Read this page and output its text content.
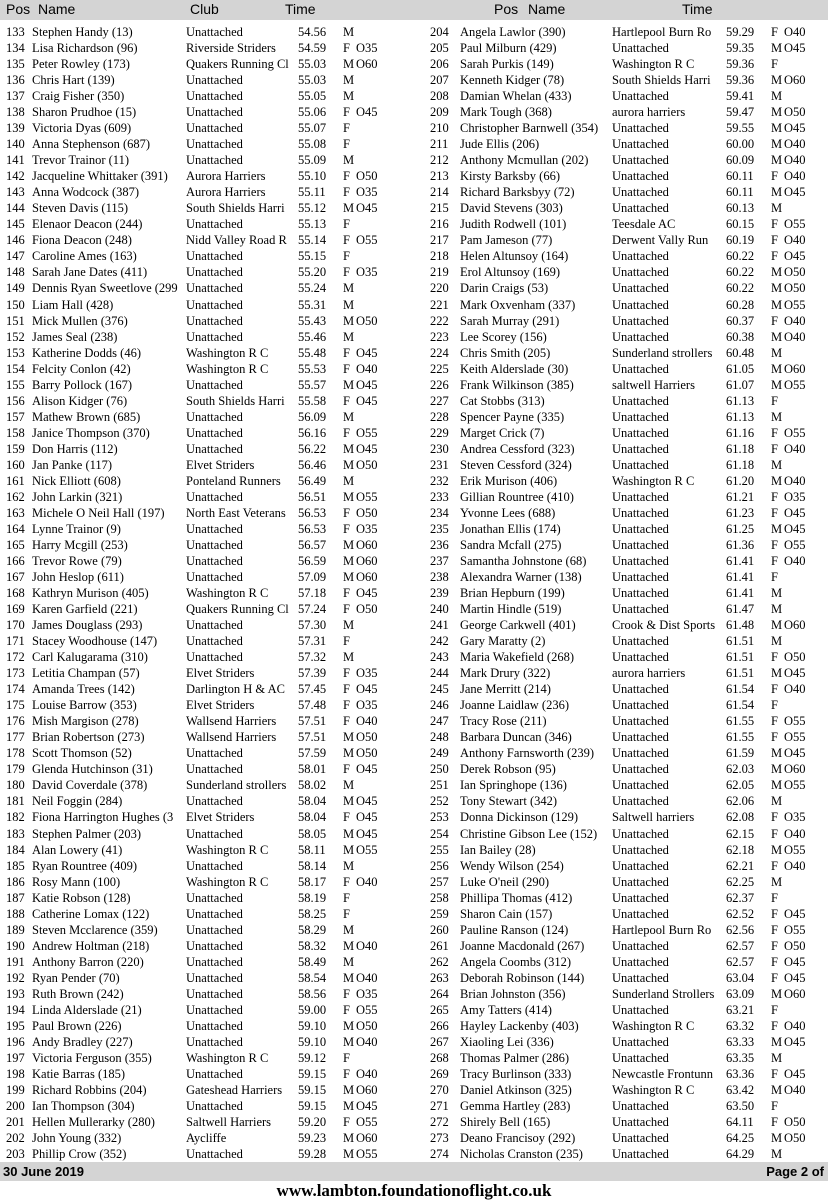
Pos Name	Club	Time	Pos Name	Time
133 Stephen Handy (13)	Unattached	54.56	M
134 Lisa Richardson (96)	Riverside Striders	54.59	F O35
135 Peter Rowley (173)	Quakers Running Cl 55.03	M O60
136 Chris Hart (139)	Unattached	55.03	M
137 Craig Fisher (350)	Unattached	55.05	M
138 Sharon Prudhoe (15)	Unattached	55.06	F O45
139 Victoria Dyas (609)	Unattached	55.07	F
140 Anna Stephenson (687)	Unattached	55.08	F
141 Trevor Trainor (11)	Unattached	55.09	M
142 Jacqueline Whittaker (391)	Aurora Harriers	55.10	F O50
143 Anna Wodcock (387)	Aurora Harriers	55.11	F O35
144 Steven Davis (115)	South Shields Harri	55.12	M O45
145 Elenaor Deacon (244)	Unattached	55.13	F
146 Fiona Deacon (248)	Nidd Valley Road R 55.14	F O55
147 Caroline Ames (163)	Unattached	55.15	F
148 Sarah Jane Dates (411)	Unattached	55.20	F O35
149 Dennis Ryan Sweetlove (299 Unattached	55.24	M
150 Liam Hall (428)	Unattached	55.31	M
151 Mick Mullen (376)	Unattached	55.43	M O50
152 James Seal (238)	Unattached	55.46	M
153 Katherine Dodds (46)	Washington R C	55.48	F O45
154 Felcity Conlon (42)	Washington R C	55.53	F O40
155 Barry Pollock (167)	Unattached	55.57	M O45
156 Alison Kidger (76)	South Shields Harri	55.58	F O45
157 Mathew Brown (685)	Unattached	56.09	M
158 Janice Thompson (370)	Unattached	56.16	F O55
159 Don Harris (112)	Unattached	56.22	M O45
160 Jan Panke (117)	Elvet Striders	56.46	M O50
161 Nick Elliott (608)	Ponteland Runners	56.49	M
162 John Larkin (321)	Unattached	56.51	M O55
163 Michele O Neil Hall (197)	North East Veterans 56.53	F O50
164 Lynne Trainor (9)	Unattached	56.53	F O35
165 Harry Mcgill (253)	Unattached	56.57	M O60
166 Trevor Rowe (79)	Unattached	56.59	M O60
167 John Heslop (611)	Unattached	57.09	M O60
168 Kathryn Murison (405)	Washington R C	57.18	F O45
169 Karen Garfield (221)	Quakers Running Cl 57.24	F O50
170 James Douglass (293)	Unattached	57.30	M
171 Stacey Woodhouse (147)	Unattached	57.31	F
172 Carl Kalugarama (310)	Unattached	57.32	M
173 Letitia Champan (57)	Elvet Striders	57.39	F O35
174 Amanda Trees (142)	Darlington H & AC	57.45	F O45
175 Louise Barrow (353)	Elvet Striders	57.48	F O35
176 Mish Margison (278)	Wallsend Harriers	57.51	F O40
177 Brian Robertson (273)	Wallsend Harriers	57.51	M O50
178 Scott Thomson (52)	Unattached	57.59	M O50
179 Glenda Hutchinson (31)	Unattached	58.01	F O45
180 David Coverdale (378)	Sunderland strollers 58.02	M
181 Neil Foggin (284)	Unattached	58.04	M O45
182 Fiona Harrington Hughes (3	Elvet Striders	58.04	F O45
183 Stephen Palmer (203)	Unattached	58.05	M O45
184 Alan Lowery (41)	Washington R C	58.11	M O55
185 Ryan Rountree (409)	Unattached	58.14	M
186 Rosy Mann (100)	Washington R C	58.17	F O40
187 Katie Robson (128)	Unattached	58.19	F
188 Catherine Lomax (122)	Unattached	58.25	F
189 Steven Mcclarence (359)	Unattached	58.29	M
190 Andrew Holtman (218)	Unattached	58.32	M O40
191 Anthony Barron (220)	Unattached	58.49	M
192 Ryan Pender (70)	Unattached	58.54	M O40
193 Ruth Brown (242)	Unattached	58.56	F O35
194 Linda Alderslade (21)	Unattached	59.00	F O55
195 Paul Brown (226)	Unattached	59.10	M O50
196 Andy Bradley (227)	Unattached	59.10	M O40
197 Victoria Ferguson (355)	Washington R C	59.12	F
198 Katie Barras (185)	Unattached	59.15	F O40
199 Richard Robbins (204)	Gateshead Harriers	59.15	M O60
200 Ian Thompson (304)	Unattached	59.15	M O45
201 Hellen Mullerarky (280)	Saltwell Harriers	59.20	F O55
202 John Young (332)	Aycliffe	59.23	M O60
203 Phillip Crow (352)	Unattached	59.28	M O55
204 Angela Lawlor (390)	Hartlepool Burn Ro	59.29	F O40
205 Paul Milburn (429)	Unattached	59.35	M O45
206 Sarah Purkis (149)	Washington R C	59.36	F
207 Kenneth Kidger (78)	South Shields Harri	59.36	M O60
208 Damian Whelan (433)	Unattached	59.41	M
209 Mark Tough (368)	aurora harriers	59.47	M O50
210 Christopher Barnwell (354)	Unattached	59.55	M O45
211 Jude Ellis (206)	Unattached	60.00	M O40
212 Anthony Mcmullan (202)	Unattached	60.09	M O40
213 Kirsty Barksby (66)	Unattached	60.11	F O40
214 Richard Barksbyy (72)	Unattached	60.11	M O45
215 David Stevens (303)	Unattached	60.13	M
216 Judith Rodwell (101)	Teesdale AC	60.15	F O55
217 Pam Jameson (77)	Derwent Vally Run	60.19	F O40
218 Helen Altunsoy (164)	Unattached	60.22	F O45
219 Erol Altunsoy (169)	Unattached	60.22	M O50
220 Darin Craigs (53)	Unattached	60.22	M O50
221 Mark Oxvenham (337)	Unattached	60.28	M O55
222 Sarah Murray (291)	Unattached	60.37	F O40
223 Lee Scorey (156)	Unattached	60.38	M O40
224 Chris Smith (205)	Sunderland strollers	60.48	M
225 Keith Alderslade (30)	Unattached	61.05	M O60
226 Frank Wilkinson (385)	saltwell Harriers	61.07	M O55
227 Cat Stobbs (313)	Unattached	61.13	F
228 Spencer Payne (335)	Unattached	61.13	M
229 Marget Crick (7)	Unattached	61.16	F O55
230 Andrea Cessford (323)	Unattached	61.18	F O40
231 Steven Cessford (324)	Unattached	61.18	M
232 Erik Murison (406)	Washington R C	61.20	M O40
233 Gillian Rountree (410)	Unattached	61.21	F O35
234 Yvonne Lees (688)	Unattached	61.23	F O45
235 Jonathan Ellis (174)	Unattached	61.25	M O45
236 Sandra Mcfall (275)	Unattached	61.36	F O55
237 Samantha Johnstone (68)	Unattached	61.41	F O40
238 Alexandra Warner (138)	Unattached	61.41	F
239 Brian Hepburn (199)	Unattached	61.41	M
240 Martin Hindle (519)	Unattached	61.47	M
241 George Carkwell (401)	Crook & Dist Sports 61.48	M O60
242 Gary Maratty (2)	Unattached	61.51	M
243 Maria Wakefield (268)	Unattached	61.51	F O50
244 Mark Drury (322)	aurora harriers	61.51	M O45
245 Jane Merritt (214)	Unattached	61.54	F O40
246 Joanne Laidlaw (236)	Unattached	61.54	F
247 Tracy Rose (211)	Unattached	61.55	F O55
248 Barbara Duncan (346)	Unattached	61.55	F O55
249 Anthony Farnsworth (239)	Unattached	61.59	M O45
250 Derek Robson (95)	Unattached	62.03	M O60
251 Ian Springhope (136)	Unattached	62.05	M O55
252 Tony Stewart (342)	Unattached	62.06	M
253 Donna Dickinson (129)	Saltwell harriers	62.08	F O35
254 Christine Gibson Lee (152)	Unattached	62.15	F O40
255 Ian Bailey (28)	Unattached	62.18	M O55
256 Wendy Wilson (254)	Unattached	62.21	F O40
257 Luke O'neil (290)	Unattached	62.25	M
258 Phillipa Thomas (412)	Unattached	62.37	F
259 Sharon Cain (157)	Unattached	62.52	F O45
260 Pauline Ranson (124)	Hartlepool Burn Ro	62.56	F O55
261 Joanne Macdonald (267)	Unattached	62.57	F O50
262 Angela Coombs (312)	Unattached	62.57	F O45
263 Deborah Robinson (144)	Unattached	63.04	F O45
264 Brian Johnston (356)	Sunderland Strollers 63.09	M O60
265 Amy Tatters (414)	Unattached	63.21	F
266 Hayley Lackenby (403)	Washington R C	63.32	F O40
267 Xiaoling Lei (336)	Unattached	63.33	M O45
268 Thomas Palmer (286)	Unattached	63.35	M
269 Tracy Burlinson (333)	Newcastle Frontunn	63.36	F O45
270 Daniel Atkinson (325)	Washington R C	63.42	M O40
271 Gemma Hartley (283)	Unattached	63.50	F
272 Shirely Bell (165)	Unattached	64.11	F O50
273 Deano Francisoy (292)	Unattached	64.25	M O50
274 Nicholas Cranston (235)	Unattached	64.29	M
30 June 2019	Page 2 of
www.lambton.foundationoflight.co.uk
